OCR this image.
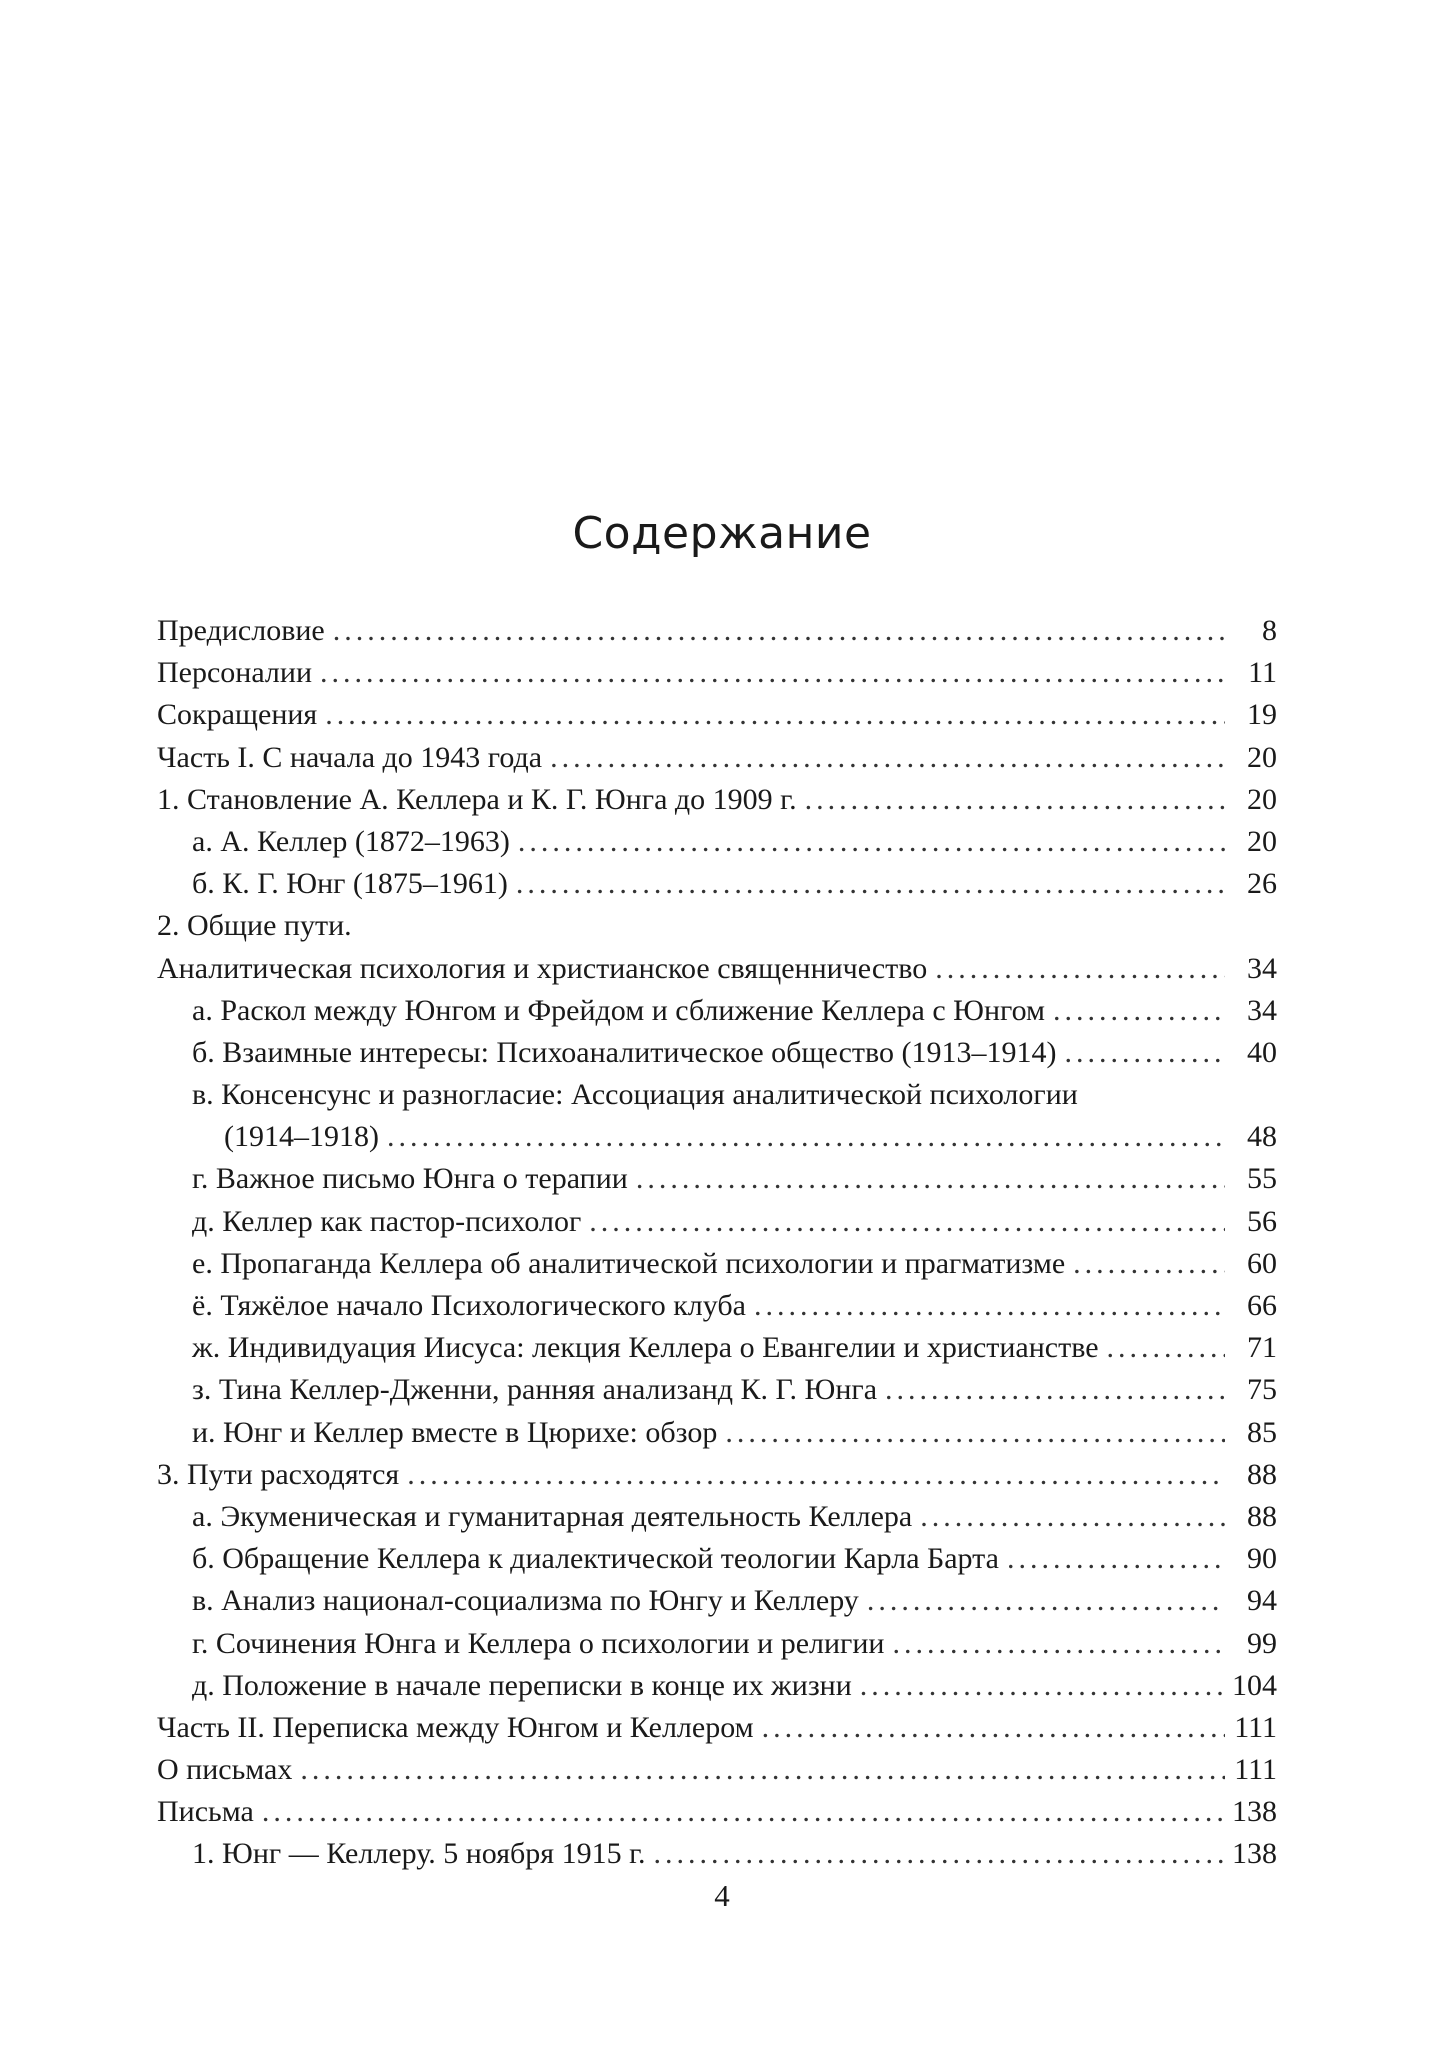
Содержание
Предисловие .....	8
Персоналии .....	11
Сокращения .....	19
Часть I. С начала до 1943 года .....	20
1. Становление А. Келлера и К. Г. Юнга до 1909 г. .....	20
а. А. Келлер (1872–1963) .....	20
б. К. Г. Юнг (1875–1961) .....	26
2. Общие пути.
Аналитическая психология и христианское священничество .....	34
а. Раскол между Юнгом и Фрейдом и сближение Келлера с Юнгом .....	34
б. Взаимные интересы: Психоаналитическое общество (1913–1914) .....	40
в. Консенсунс и разногласие: Ассоциация аналитической психологии
(1914–1918) .....	48
г. Важное письмо Юнга о терапии .....	55
д. Келлер как пастор-психолог .....	56
е. Пропаганда Келлера об аналитической психологии и прагматизме .....	60
ё. Тяжёлое начало Психологического клуба .....	66
ж. Индивидуация Иисуса: лекция Келлера о Евангелии и христианстве .....	71
з. Тина Келлер-Дженни, ранняя анализанд К. Г. Юнга .....	75
и. Юнг и Келлер вместе в Цюрихе: обзор .....	85
3. Пути расходятся .....	88
а. Экуменическая и гуманитарная деятельность Келлера .....	88
б. Обращение Келлера к диалектической теологии Карла Барта .....	90
в. Анализ национал-социализма по Юнгу и Келлеру .....	94
г. Сочинения Юнга и Келлера о психологии и религии .....	99
д. Положение в начале переписки в конце их жизни .....	104
Часть II. Переписка между Юнгом и Келлером .....	111
О письмах .....	111
Письма .....	138
1. Юнг — Келлеру. 5 ноября 1915 г. .....	138
4
